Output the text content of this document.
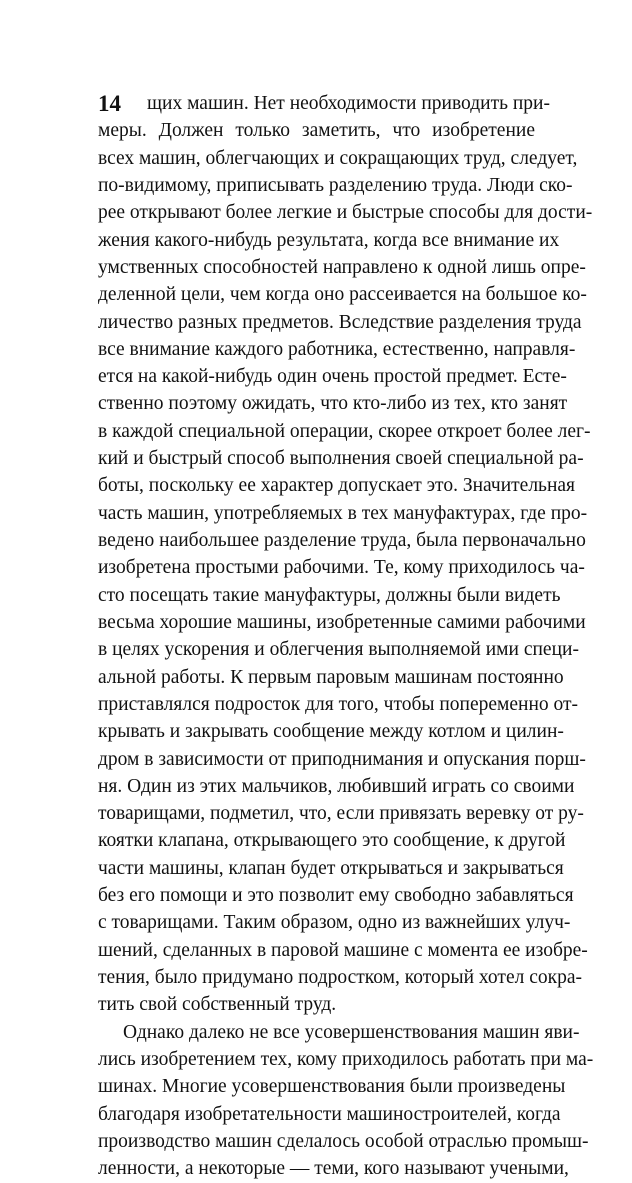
14 щих машин. Нет необходимости приводить при-
меры. Должен только заметить, что изобретение
всех машин, облегчающих и сокращающих труд, следует,
по-видимому, приписывать разделению труда. Люди ско-
рее открывают более легкие и быстрые способы для дости-
жения какого-нибудь результата, когда все внимание их
умственных способностей направлено к одной лишь опре-
деленной цели, чем когда оно рассеивается на большое ко-
личество разных предметов. Вследствие разделения труда
все внимание каждого работника, естественно, направля-
ется на какой-нибудь один очень простой предмет. Есте-
ственно поэтому ожидать, что кто-либо из тех, кто занят
в каждой специальной операции, скорее откроет более лег-
кий и быстрый способ выполнения своей специальной ра-
боты, поскольку ее характер допускает это. Значительная
часть машин, употребляемых в тех мануфактурах, где про-
ведено наибольшее разделение труда, была первоначально
изобретена простыми рабочими. Те, кому приходилось ча-
сто посещать такие мануфактуры, должны были видеть
весьма хорошие машины, изобретенные самими рабочими
в целях ускорения и облегчения выполняемой ими специ-
альной работы. К первым паровым машинам постоянно
приставлялся подросток для того, чтобы попеременно от-
крывать и закрывать сообщение между котлом и цилин-
дром в зависимости от приподнимания и опускания порш-
ня. Один из этих мальчиков, любивший играть со своими
товарищами, подметил, что, если привязать веревку от ру-
коятки клапана, открывающего это сообщение, к другой
части машины, клапан будет открываться и закрываться
без его помощи и это позволит ему свободно забавляться
с товарищами. Таким образом, одно из важнейших улуч-
шений, сделанных в паровой машине с момента ее изобре-
тения, было придумано подростком, который хотел сокра-
тить свой собственный труд.
Однако далеко не все усовершенствования машин яви-
лись изобретением тех, кому приходилось работать при ма-
шинах. Многие усовершенствования были произведены
благодаря изобретательности машиностроителей, когда
производство машин сделалось особой отраслью промыш-
ленности, а некоторые — теми, кого называют учеными,
